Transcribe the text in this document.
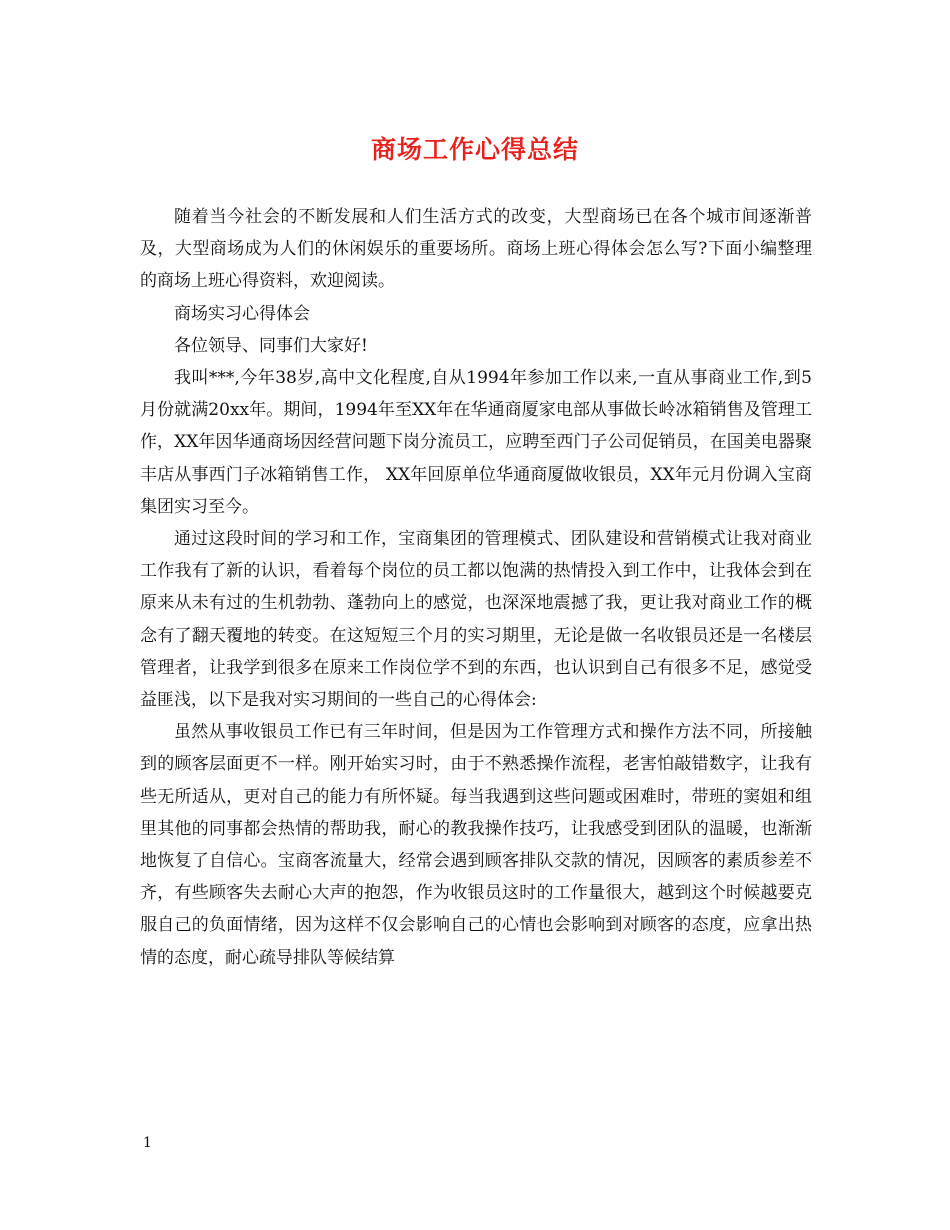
商场工作心得总结

随着当今社会的不断发展和人们生活方式的改变，大型商场已在各个城市间逐渐普及，大型商场成为人们的休闲娱乐的重要场所。商场上班心得体会怎么写?下面小编整理的商场上班心得资料，欢迎阅读。

商场实习心得体会

各位领导、同事们大家好!

我叫***,今年38岁,高中文化程度,自从1994年参加工作以来,一直从事商业工作,到5月份就满20xx年。期间，1994年至XX年在华通商厦家电部从事做长岭冰箱销售及管理工作，XX年因华通商场因经营问题下岗分流员工，应聘至西门子公司促销员，在国美电器聚丰店从事西门子冰箱销售工作， XX年回原单位华通商厦做收银员，XX年元月份调入宝商集团实习至今。

通过这段时间的学习和工作，宝商集团的管理模式、团队建设和营销模式让我对商业工作我有了新的认识，看着每个岗位的员工都以饱满的热情投入到工作中，让我体会到在原来从未有过的生机勃勃、蓬勃向上的感觉，也深深地震撼了我，更让我对商业工作的概念有了翻天覆地的转变。在这短短三个月的实习期里，无论是做一名收银员还是一名楼层管理者，让我学到很多在原来工作岗位学不到的东西，也认识到自己有很多不足，感觉受益匪浅，以下是我对实习期间的一些自己的心得体会:

虽然从事收银员工作已有三年时间，但是因为工作管理方式和操作方法不同，所接触到的顾客层面更不一样。刚开始实习时，由于不熟悉操作流程，老害怕敲错数字，让我有些无所适从，更对自己的能力有所怀疑。每当我遇到这些问题或困难时，带班的窦姐和组里其他的同事都会热情的帮助我，耐心的教我操作技巧，让我感受到团队的温暖，也渐渐地恢复了自信心。宝商客流量大，经常会遇到顾客排队交款的情况，因顾客的素质参差不齐，有些顾客失去耐心大声的抱怨，作为收银员这时的工作量很大，越到这个时候越要克服自己的负面情绪，因为这样不仅会影响自己的心情也会影响到对顾客的态度，应拿出热情的态度，耐心疏导排队等候结算

1
